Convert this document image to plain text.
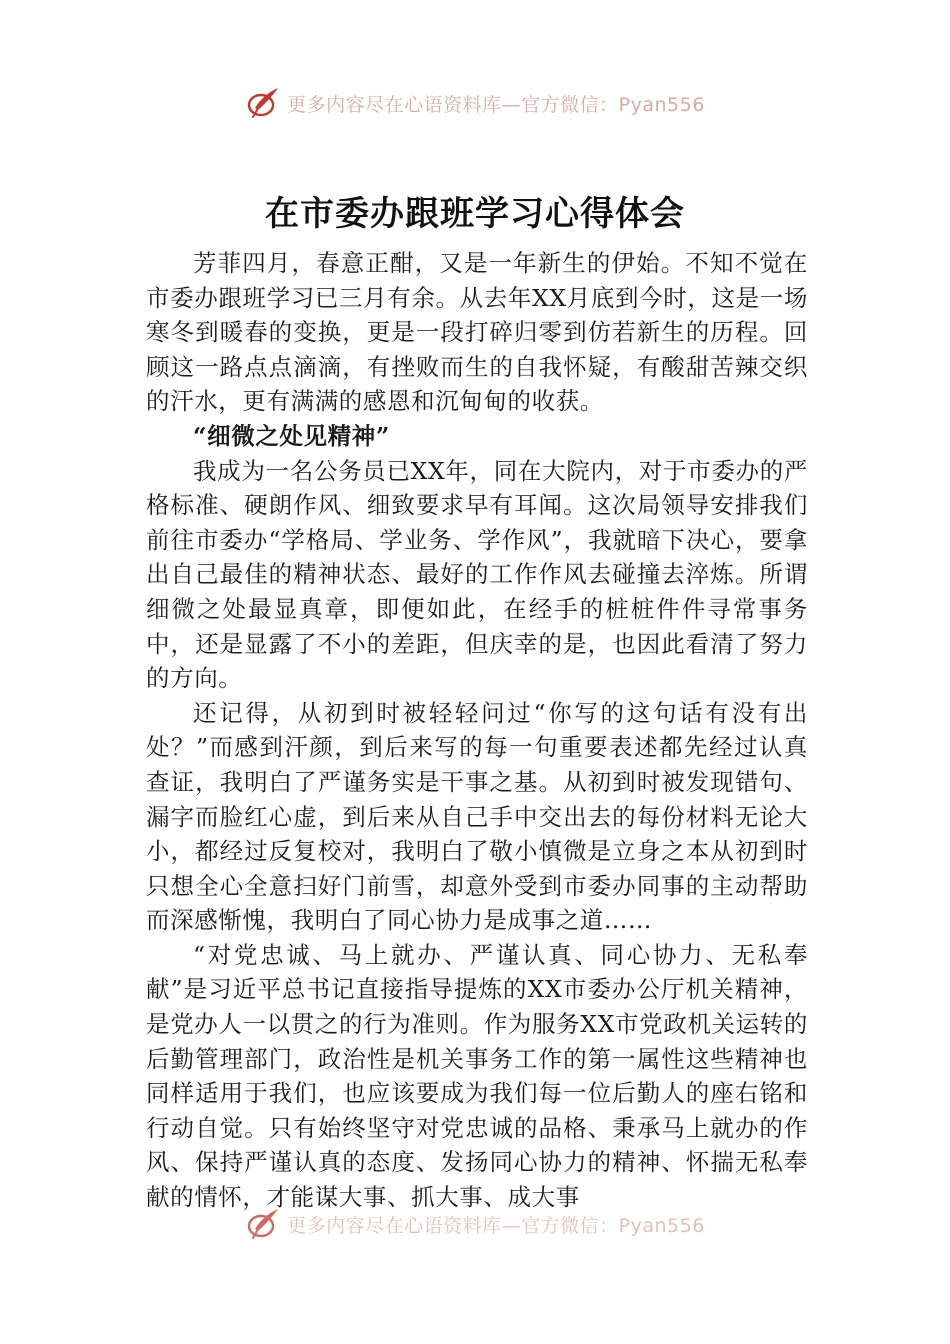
更多内容尽在心语资料库—官方微信：Pyan556
在市委办跟班学习心得体会

芳菲四月，春意正酣，又是一年新生的伊始。不知不觉在市委办跟班学习已三月有余。从去年XX月底到今时，这是一场寒冬到暖春的变换，更是一段打碎归零到仿若新生的历程。回顾这一路点点滴滴，有挫败而生的自我怀疑，有酸甜苦辣交织的汗水，更有满满的感恩和沉甸甸的收获。

“细微之处见精神”

我成为一名公务员已XX年，同在大院内，对于市委办的严格标准、硬朗作风、细致要求早有耳闻。这次局领导安排我们前往市委办“学格局、学业务、学作风”，我就暗下决心，要拿出自己最佳的精神状态、最好的工作作风去碰撞去淬炼。所谓细微之处最显真章，即便如此，在经手的桩桩件件寻常事务中，还是显露了不小的差距，但庆幸的是，也因此看清了努力的方向。

还记得，从初到时被轻轻问过“你写的这句话有没有出处？”而感到汗颜，到后来写的每一句重要表述都先经过认真查证，我明白了严谨务实是干事之基。从初到时被发现错句、漏字而脸红心虚，到后来从自己手中交出去的每份材料无论大小，都经过反复校对，我明白了敬小慎微是立身之本从初到时只想全心全意扫好门前雪，却意外受到市委办同事的主动帮助而深感惭愧，我明白了同心协力是成事之道……

“对党忠诚、马上就办、严谨认真、同心协力、无私奉献”是习近平总书记直接指导提炼的XX市委办公厅机关精神，是党办人一以贯之的行为准则。作为服务XX市党政机关运转的后勤管理部门，政治性是机关事务工作的第一属性这些精神也同样适用于我们，也应该要成为我们每一位后勤人的座右铭和行动自觉。只有始终坚守对党忠诚的品格、秉承马上就办的作风、保持严谨认真的态度、发扬同心协力的精神、怀揣无私奉献的情怀，才能谋大事、抓大事、成大事

更多内容尽在心语资料库—官方微信：Pyan556
